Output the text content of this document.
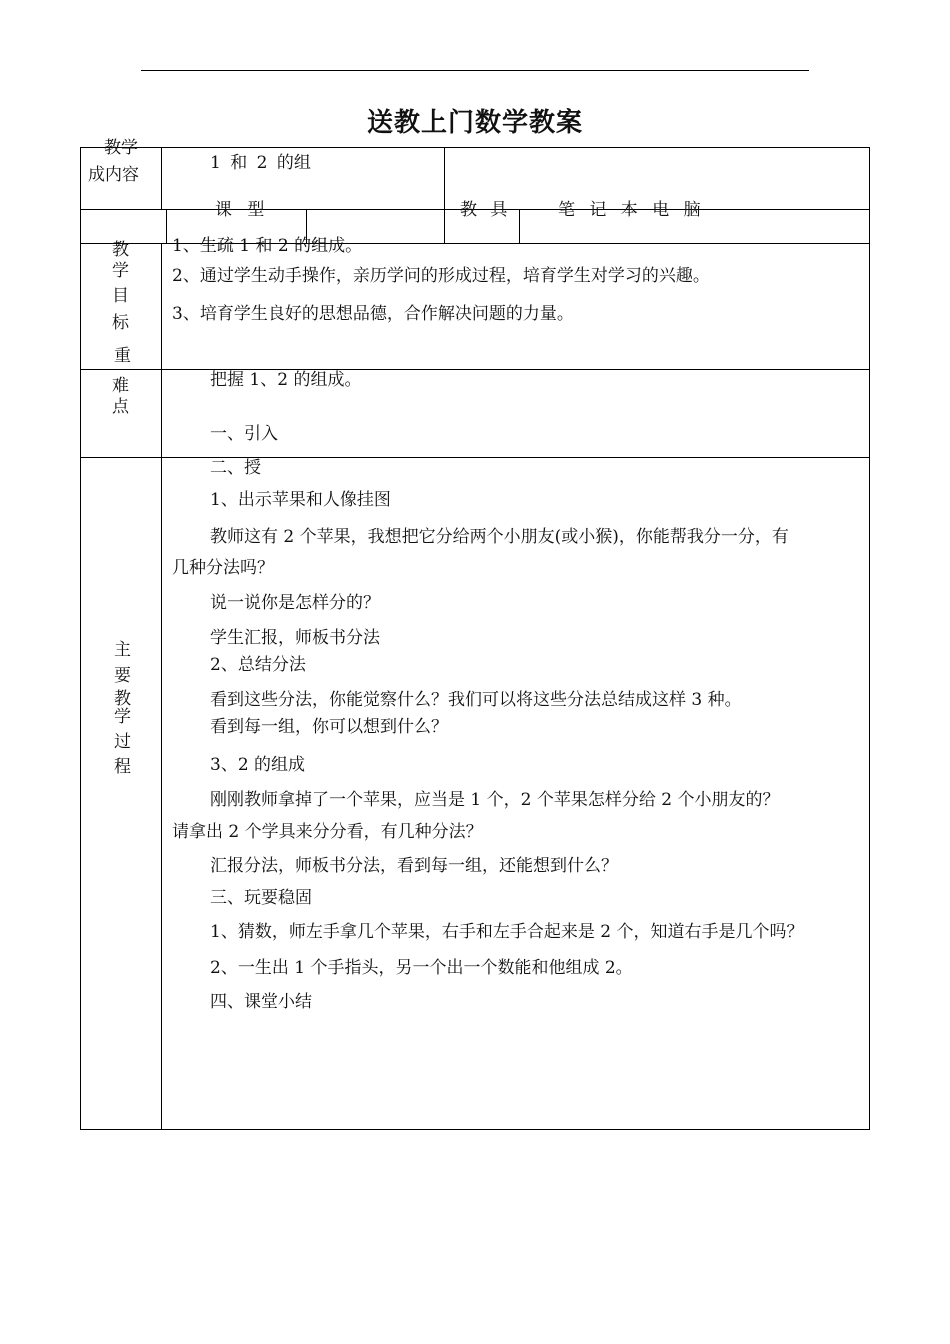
送教上门数学教案
教学
成内容
1 和 2 的组
课 型	教 具	笔 记 本 电 脑
教
学
目
标
重
1、生疏 1 和 2 的组成。
2、通过学生动手操作，亲历学问的形成过程，培育学生对学习的兴趣。
3、培育学生良好的思想品德，合作解决问题的力量。
难
点
把握 1、2 的组成。
一、引入
主
要
教
学
过
程
二、授
1、出示苹果和人像挂图
教师这有 2 个苹果，我想把它分给两个小朋友(或小猴)，你能帮我分一分，有
几种分法吗？
说一说你是怎样分的？
学生汇报，师板书分法
2、总结分法
看到这些分法，你能觉察什么？我们可以将这些分法总结成这样 3 种。
看到每一组，你可以想到什么？
3、2 的组成
刚刚教师拿掉了一个苹果，应当是 1 个，2 个苹果怎样分给 2 个小朋友的？
请拿出 2 个学具来分分看，有几种分法？
汇报分法，师板书分法，看到每一组，还能想到什么？
三、玩要稳固
1、猜数，师左手拿几个苹果，右手和左手合起来是 2 个，知道右手是几个吗？
2、一生出 1 个手指头，另一个出一个数能和他组成 2。
四、课堂小结
